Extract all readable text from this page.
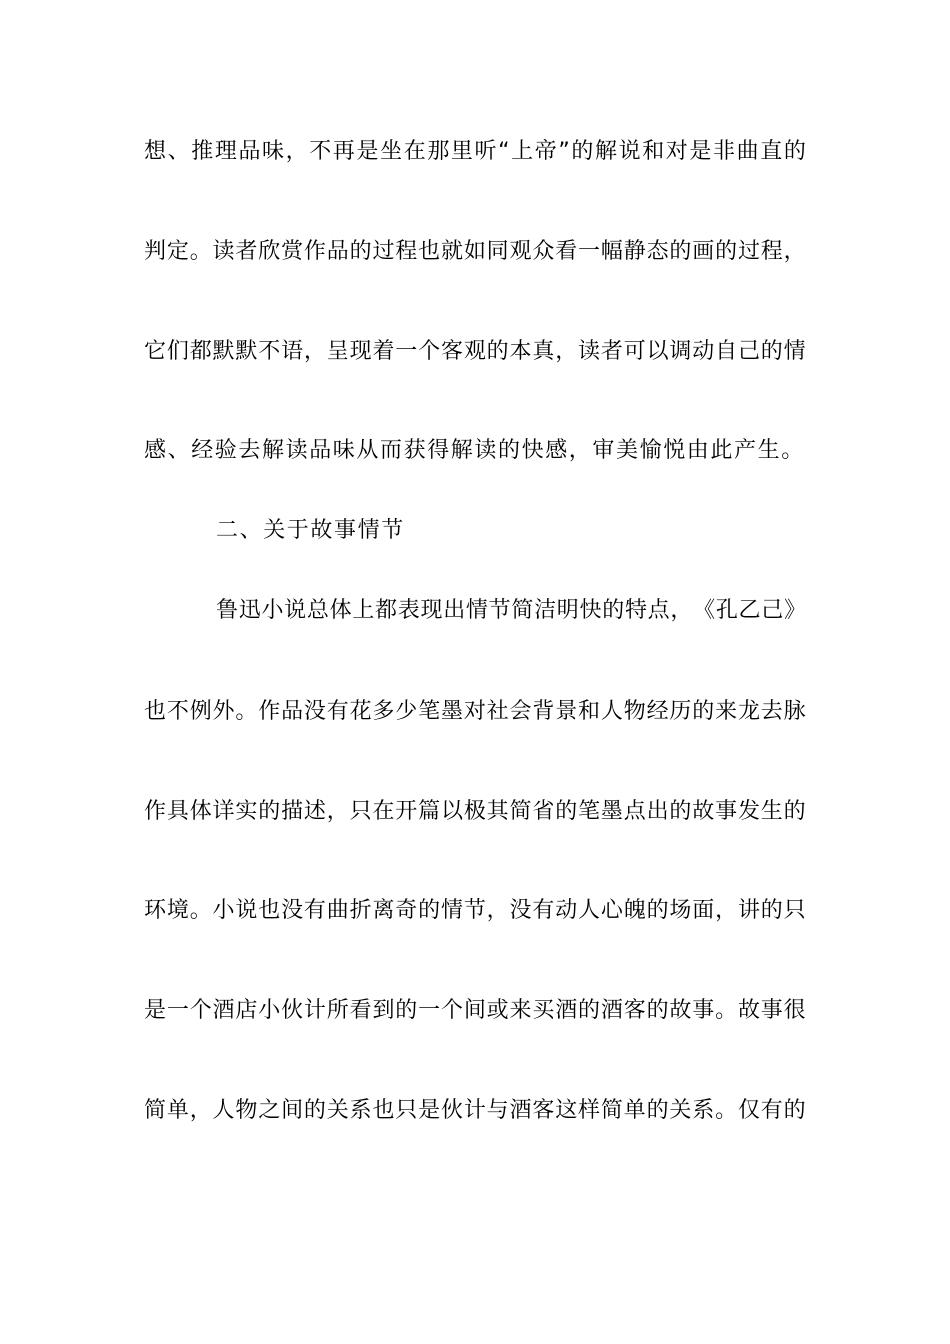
想 、 推 理 品 味 ， 不 再 是 坐 在 那 里 听 “ 上 帝 ” 的 解 说 和 对 是 非 曲 直 的
判 定 。 读 者 欣 赏 作 品 的 过 程 也 就 如 同 观 众 看 一 幅 静 态 的 画 的 过 程 ，
它 们 都 默 默 不 语 ， 呈 现 着 一 个 客 观 的 本 真 ， 读 者 可 以 调 动 自 己 的 情
感、经验去解读品味从而获得解读的快感，审美愉悦由此产生。
二、关于故事情节
鲁 迅 小 说 总 体 上 都 表 现 出 情 节 简 洁 明 快 的 特 点 ， 《 孔 乙 己 》
也 不 例 外 。 作 品 没 有 花 多 少 笔 墨 对 社 会 背 景 和 人 物 经 历 的 来 龙 去 脉
作 具 体 详 实 的 描 述 ， 只 在 开 篇 以 极 其 简 省 的 笔 墨 点 出 的 故 事 发 生 的
环 境 。 小 说 也 没 有 曲 折 离 奇 的 情 节 ， 没 有 动 人 心 魄 的 场 面 ， 讲 的 只
是 一 个 酒 店 小 伙 计 所 看 到 的 一 个 间 或 来 买 酒 的 酒 客 的 故 事 。 故 事 很
简 单 ， 人 物 之 间 的 关 系 也 只 是 伙 计 与 酒 客 这 样 简 单 的 关 系 。 仅 有 的
